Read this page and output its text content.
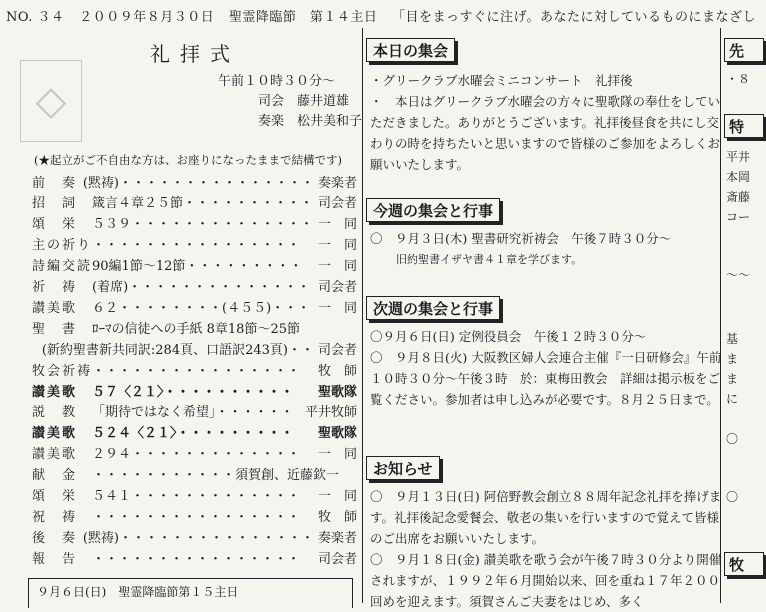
NO. ３４ ２００９年８月３０日 聖霊降臨節　第１４主日 「目をまっすぐに注げ。あなたに対しているものにまなざし
◇
礼拝式
午前１０時３０分～
司会　藤井道雄
奏楽　松井美和子
(★起立がご不自由な方は、お座りになったままで結構です)
前　奏 (黙祷)・・・・・・・・・・・・・・・ 奏楽者
招　詞	箴言４章２５節・・・・・・・・・・ 司会者
頌　栄	５３９・・・・・・・・・・・・・・ 一　同
主の祈り ・・・・・・・・・・・・・・・・	一　同
詩編交読 90編1節～12節・・・・・・・・・	一　同
祈　祷	(着席)・・・・・・・・・・・・・・ 司会者
讃美歌	６２・・・・・・・・(４５５)・・・ 一　同
聖　書	ﾛｰﾏの信徒への手紙 8章18節～25節
(新約聖書新共同訳:284頁、口語訳243頁)・・ 司会者
牧会祈祷 ・・・・・・・・・・・・・・・・	牧　師
讃美歌	５７〈２１〉・・・・・・・・・・	聖歌隊
説　教	「期待ではなく希望」・・・・・・ 平井牧師
讃美歌	５２４〈２１〉・・・・・・・・・	聖歌隊
讃美歌	２９４・・・・・・・・・・・・・	一　同
献　金	・・・・・・・・・・・須賀創、近藤欽一
頌　栄	５４１・・・・・・・・・・・・・	一　同
祝　祷	・・・・・・・・・・・・・・・・	牧　師
後　奏 (黙祷)・・・・・・・・・・・・・・・ 奏楽者
報　告	・・・・・・・・・・・・・・・・	司会者
９月６日(日)　聖霊降臨節第１５主日
本日の集会

・グリークラブ水曜会ミニコンサート　礼拝後

・　本日はグリークラブ水曜会の方々に聖歌隊の奉仕をしていただきました。ありがとうございます。礼拝後昼食を共にし交わりの時を持ちたいと思いますので皆様のご参加をよろしくお願いいたします。

今週の集会と行事

〇　９月３日(木) 聖書研究祈祷会　午後７時３０分～

旧約聖書イザヤ書４１章を学びます。

次週の集会と行事

〇９月６日(日) 定例役員会　午後１２時３０分～

〇　９月８日(火) 大阪教区婦人会連合主催『一日研修会』午前１０時３０分～午後３時　於：東梅田教会　詳細は掲示板をご覧ください。参加者は申し込みが必要です。８月２５日まで。

お知らせ

〇　９月１３日(日) 阿倍野教会創立８８周年記念礼拝を捧げます。礼拝後記念愛餐会、敬老の集いを行いますので覚えて皆様のご出席をお願いいたします。

〇　９月１８日(金) 讃美歌を歌う会が午後７時３０分より開催されますが、１９９２年６月開始以来、回を重ね１７年２００回めを迎えます。須賀さんご夫妻をはじめ、多く

先
・８
特
平井
本岡
斎藤
コー
〜〜
基
ま
ま
に
〇
〇
牧
